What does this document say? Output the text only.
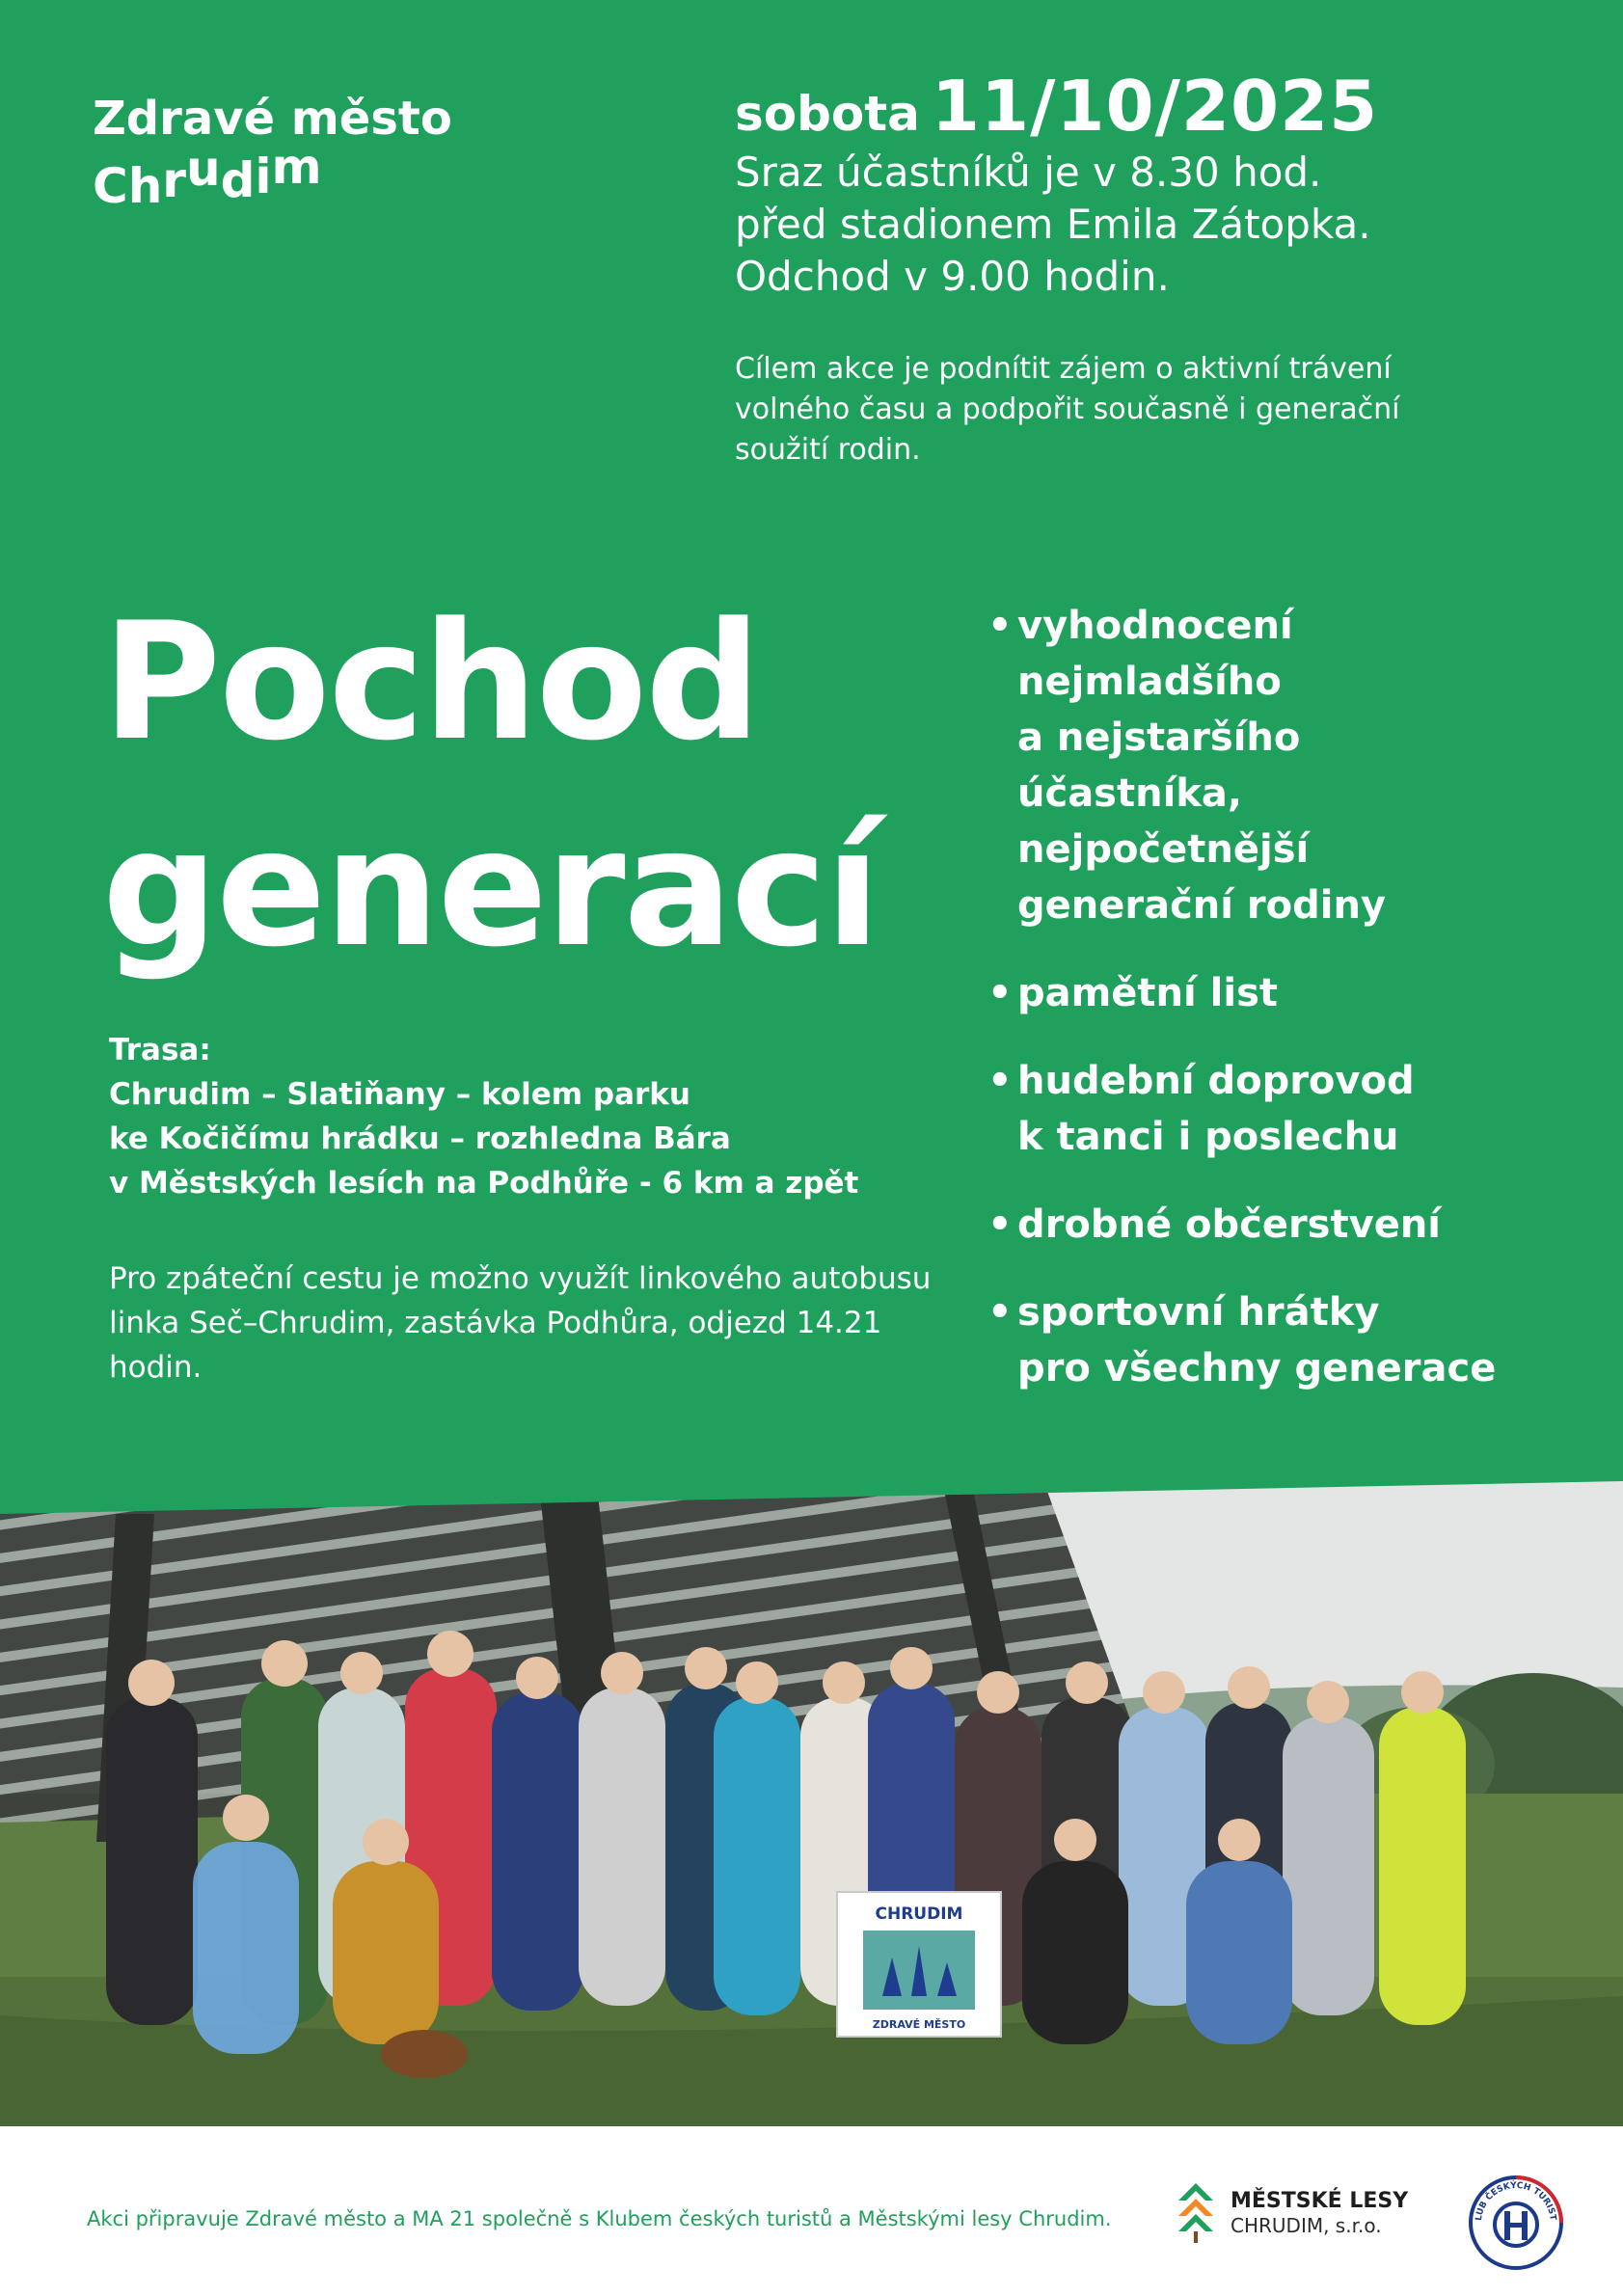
Zdravé město
Chrudim
sobota 11/10/2025
Sraz účastníků je v 8.30 hod.
před stadionem Emila Zátopka.
Odchod v 9.00 hodin.
Cílem akce je podnítit zájem o aktivní trávení volného času a podpořit současně i generační soužití rodin.
Pochod
generací
Trasa:
Chrudim – Slatiňany – kolem parku
ke Kočičímu hrádku – rozhledna Bára
v Městských lesích na Podhůře - 6 km a zpět
Pro zpáteční cestu je možno využít linkového autobusu linka Seč–Chrudim, zastávka Podhůra, odjezd 14.21 hodin.
• vyhodnocení
nejmladšího
a nejstaršího
účastníka,
nejpočetnější
generační rodiny
• pamětní list
• hudební doprovod
k tanci i poslechu
• drobné občerstvení
• sportovní hrátky
pro všechny generace
CHRUDIM
ZDRAVÉ MĚSTO
Akci připravuje Zdravé město a MA 21 společně s Klubem českých turistů a Městskými lesy Chrudim.
MĚSTSKÉ LESY
CHRUDIM, s.r.o.	LUB ČESKÝCH TURIST
